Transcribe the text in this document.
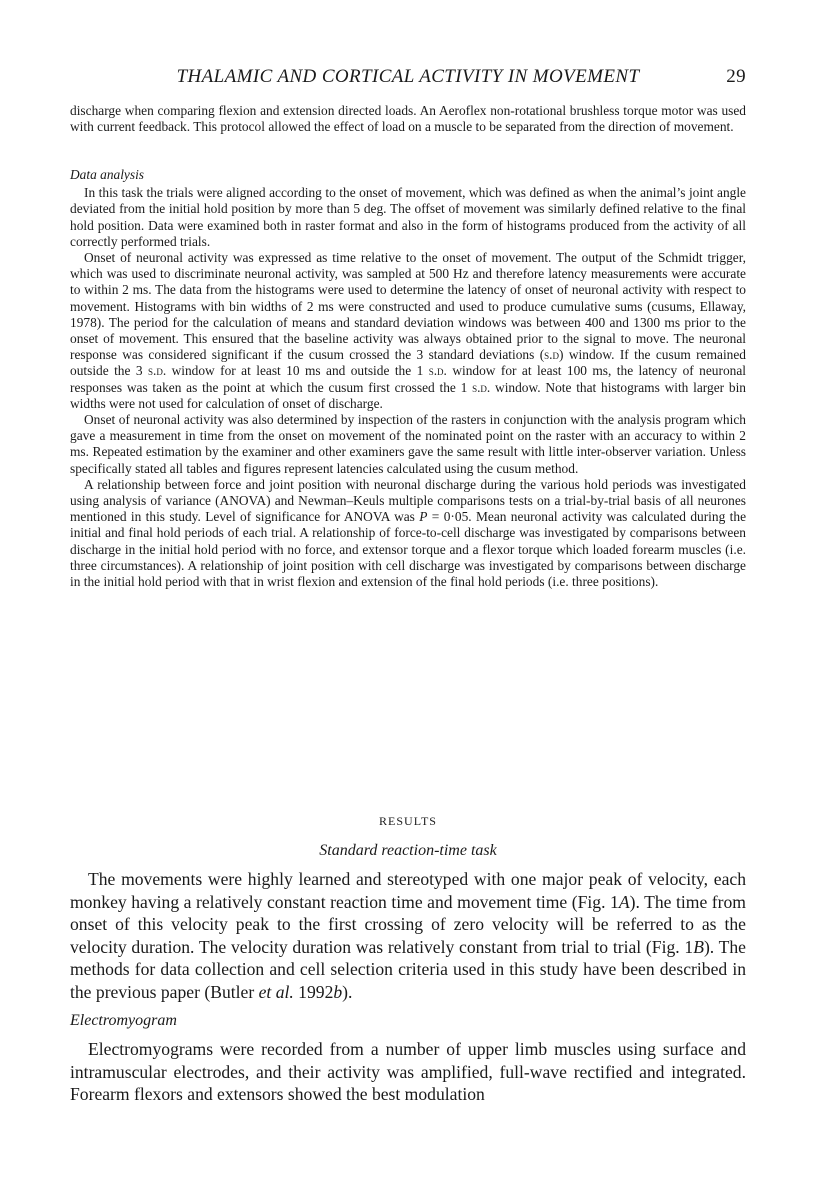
THALAMIC AND CORTICAL ACTIVITY IN MOVEMENT	29

discharge when comparing flexion and extension directed loads. An Aeroflex non-rotational brushless torque motor was used with current feedback. This protocol allowed the effect of load on a muscle to be separated from the direction of movement.

Data analysis

In this task the trials were aligned according to the onset of movement, which was defined as when the animal’s joint angle deviated from the initial hold position by more than 5 deg. The offset of movement was similarly defined relative to the final hold position. Data were examined both in raster format and also in the form of histograms produced from the activity of all correctly performed trials.

Onset of neuronal activity was expressed as time relative to the onset of movement. The output of the Schmidt trigger, which was used to discriminate neuronal activity, was sampled at 500 Hz and therefore latency measurements were accurate to within 2 ms. The data from the histograms were used to determine the latency of onset of neuronal activity with respect to movement. Histograms with bin widths of 2 ms were constructed and used to produce cumulative sums (cusums, Ellaway, 1978). The period for the calculation of means and standard deviation windows was between 400 and 1300 ms prior to the onset of movement. This ensured that the baseline activity was always obtained prior to the signal to move. The neuronal response was considered significant if the cusum crossed the 3 standard deviations (s.d) window. If the cusum remained outside the 3 s.d. window for at least 10 ms and outside the 1 s.d. window for at least 100 ms, the latency of neuronal responses was taken as the point at which the cusum first crossed the 1 s.d. window. Note that histograms with larger bin widths were not used for calculation of onset of discharge.

Onset of neuronal activity was also determined by inspection of the rasters in conjunction with the analysis program which gave a measurement in time from the onset on movement of the nominated point on the raster with an accuracy to within 2 ms. Repeated estimation by the examiner and other examiners gave the same result with little inter-observer variation. Unless specifically stated all tables and figures represent latencies calculated using the cusum method.

A relationship between force and joint position with neuronal discharge during the various hold periods was investigated using analysis of variance (ANOVA) and Newman–Keuls multiple comparisons tests on a trial-by-trial basis of all neurones mentioned in this study. Level of significance for ANOVA was P = 0·05. Mean neuronal activity was calculated during the initial and final hold periods of each trial. A relationship of force-to-cell discharge was investigated by comparisons between discharge in the initial hold period with no force, and extensor torque and a flexor torque which loaded forearm muscles (i.e. three circumstances). A relationship of joint position with cell discharge was investigated by comparisons between discharge in the initial hold period with that in wrist flexion and extension of the final hold periods (i.e. three positions).

RESULTS
Standard reaction-time task

The movements were highly learned and stereotyped with one major peak of velocity, each monkey having a relatively constant reaction time and movement time (Fig. 1A). The time from onset of this velocity peak to the first crossing of zero velocity will be referred to as the velocity duration. The velocity duration was relatively constant from trial to trial (Fig. 1B). The methods for data collection and cell selection criteria used in this study have been described in the previous paper (Butler et al. 1992b).

Electromyogram

Electromyograms were recorded from a number of upper limb muscles using surface and intramuscular electrodes, and their activity was amplified, full-wave rectified and integrated. Forearm flexors and extensors showed the best modulation
